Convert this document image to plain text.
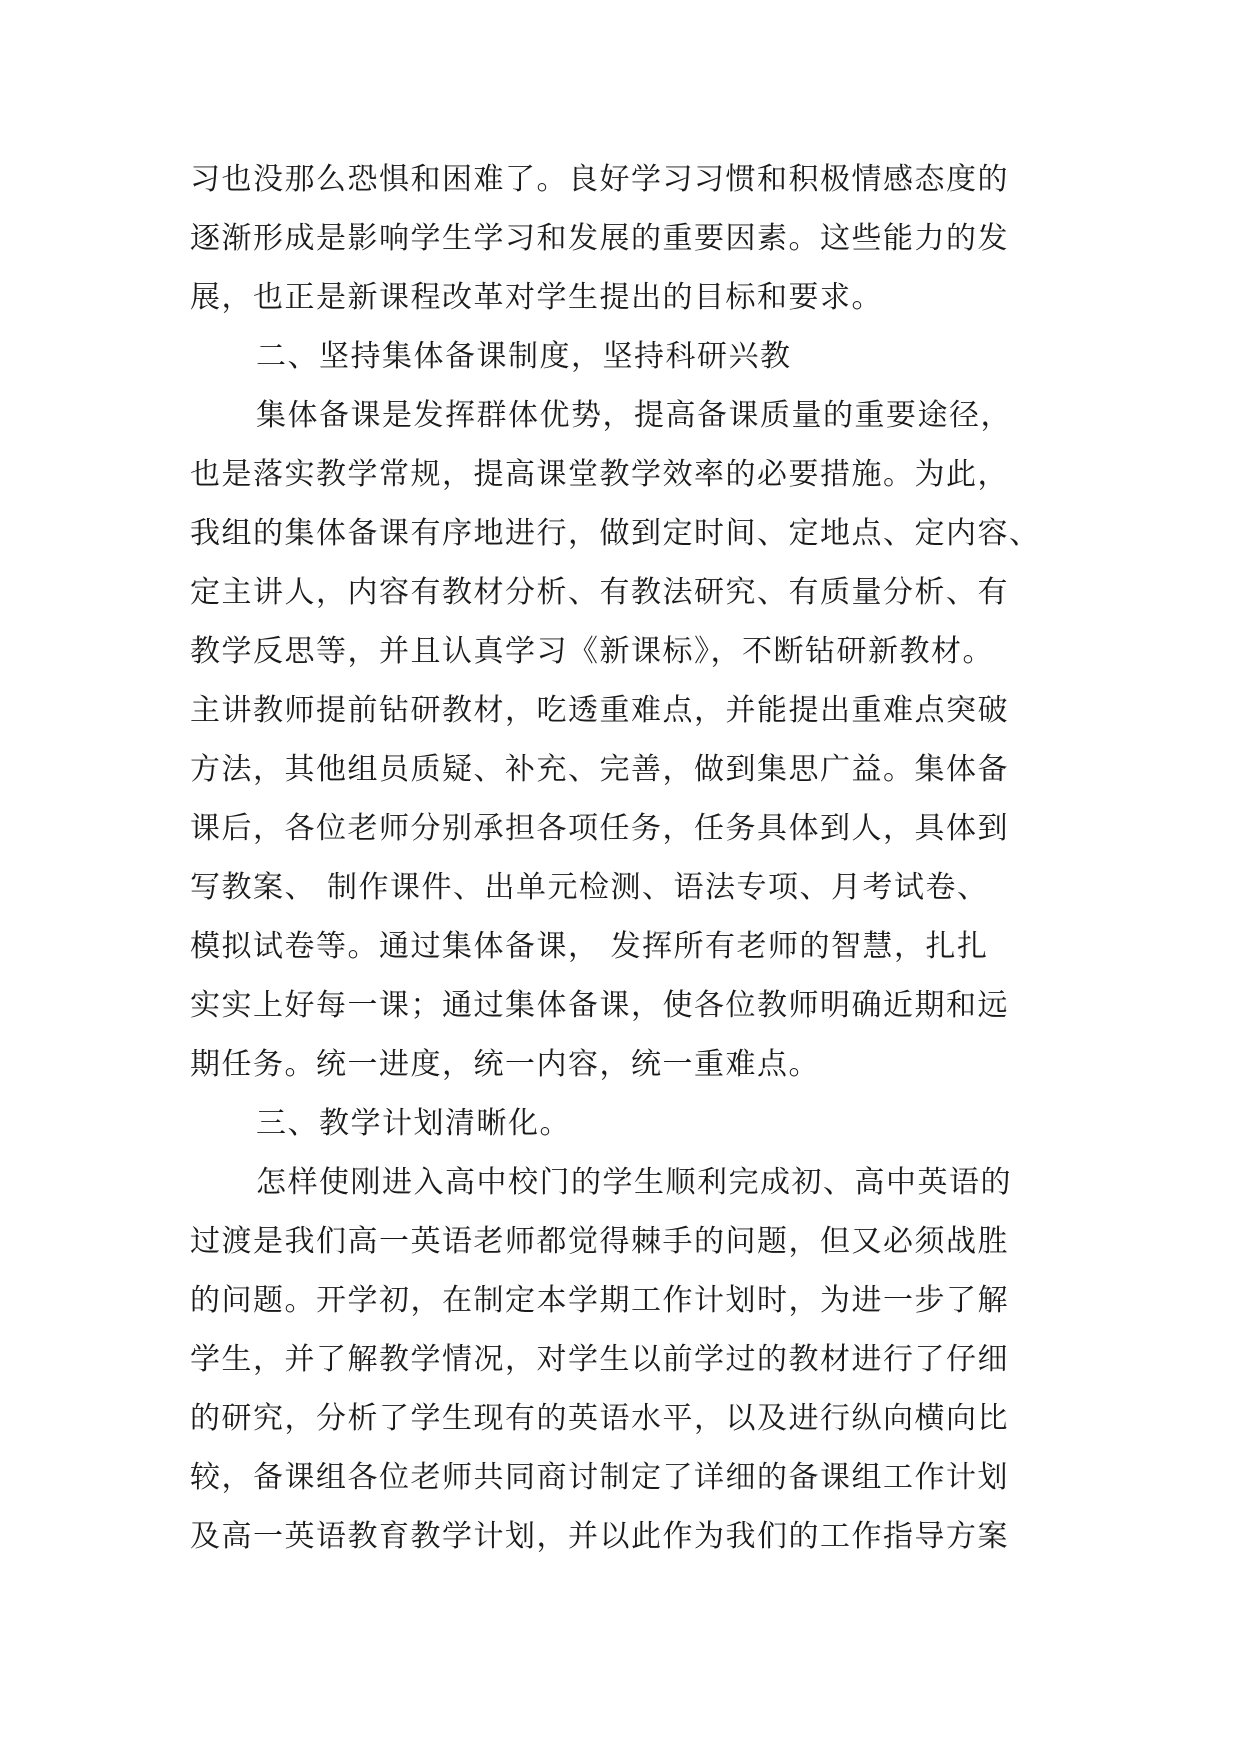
习也没那么恐惧和困难了。良好学习习惯和积极情感态度的
逐渐形成是影响学生学习和发展的重要因素。这些能力的发
展，也正是新课程改革对学生提出的目标和要求。
二、坚持集体备课制度，坚持科研兴教
集体备课是发挥群体优势，提高备课质量的重要途径，
也是落实教学常规，提高课堂教学效率的必要措施。为此，
我组的集体备课有序地进行，做到定时间、定地点、定内容、
定主讲人，内容有教材分析、有教法研究、有质量分析、有
教学反思等，并且认真学习《新课标》，不断钻研新教材。
主讲教师提前钻研教材，吃透重难点，并能提出重难点突破
方法，其他组员质疑、补充、完善，做到集思广益。集体备
课后，各位老师分别承担各项任务，任务具体到人，具体到
写教案、 制作课件、出单元检测、语法专项、月考试卷、
模拟试卷等。通过集体备课， 发挥所有老师的智慧，扎扎
实实上好每一课；通过集体备课，使各位教师明确近期和远
期任务。统一进度，统一内容，统一重难点。
三、教学计划清晰化。
怎样使刚进入高中校门的学生顺利完成初、高中英语的
过渡是我们高一英语老师都觉得棘手的问题，但又必须战胜
的问题。开学初，在制定本学期工作计划时，为进一步了解
学生，并了解教学情况，对学生以前学过的教材进行了仔细
的研究，分析了学生现有的英语水平，以及进行纵向横向比
较，备课组各位老师共同商讨制定了详细的备课组工作计划
及高一英语教育教学计划，并以此作为我们的工作指导方案
